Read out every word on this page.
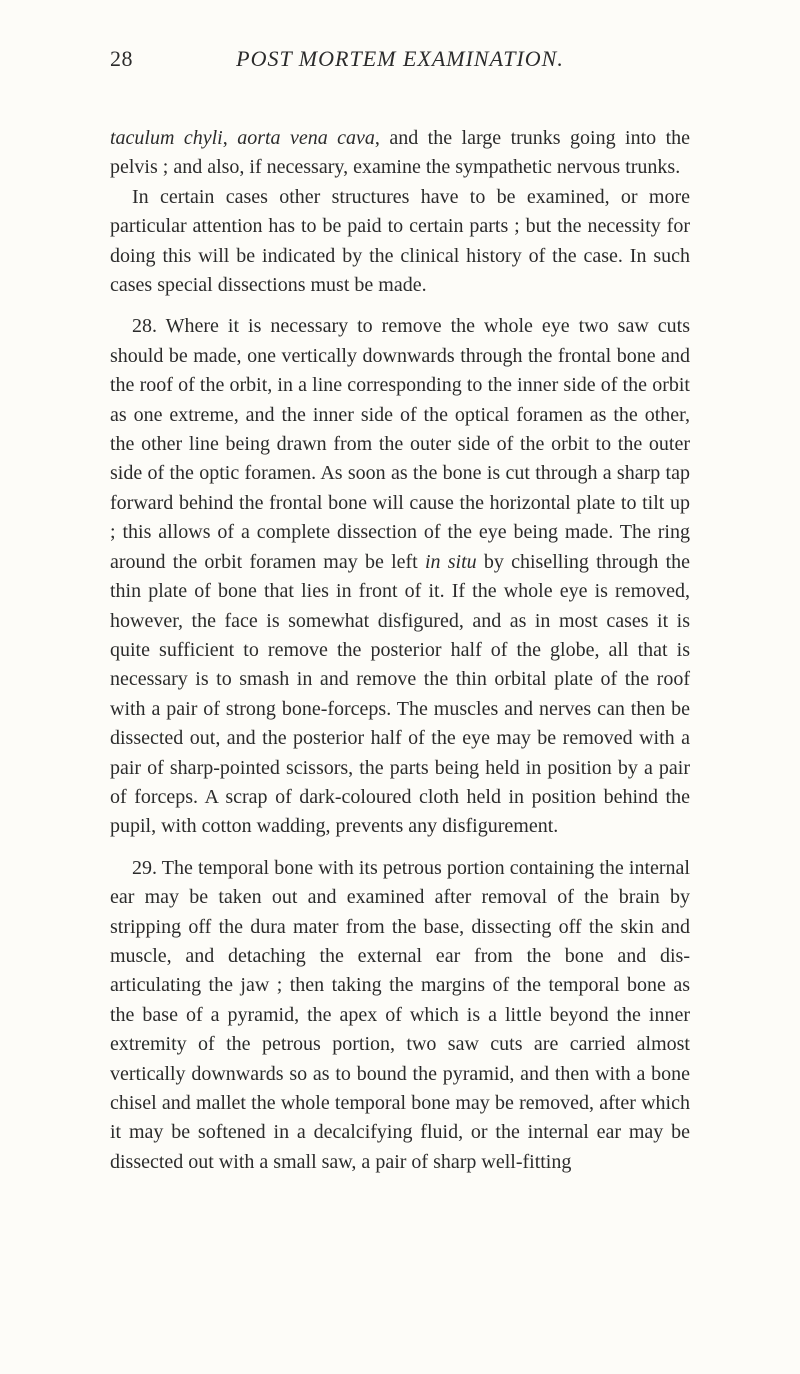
28	POST MORTEM EXAMINATION.

taculum chyli, aorta vena cava, and the large trunks going into the pelvis ; and also, if necessary, examine the sympathetic nervous trunks.

In certain cases other structures have to be examined, or more particular attention has to be paid to certain parts ; but the necessity for doing this will be indicated by the clinical history of the case. In such cases special dissections must be made.

28. Where it is necessary to remove the whole eye two saw cuts should be made, one vertically downwards through the frontal bone and the roof of the orbit, in a line corresponding to the inner side of the orbit as one extreme, and the inner side of the optical foramen as the other, the other line being drawn from the outer side of the orbit to the outer side of the optic foramen. As soon as the bone is cut through a sharp tap forward behind the frontal bone will cause the horizontal plate to tilt up ; this allows of a complete dissection of the eye being made. The ring around the orbit foramen may be left in situ by chiselling through the thin plate of bone that lies in front of it. If the whole eye is removed, however, the face is somewhat disfigured, and as in most cases it is quite sufficient to remove the posterior half of the globe, all that is necessary is to smash in and remove the thin orbital plate of the roof with a pair of strong bone-forceps. The muscles and nerves can then be dissected out, and the posterior half of the eye may be removed with a pair of sharp-pointed scissors, the parts being held in position by a pair of forceps. A scrap of dark-coloured cloth held in position behind the pupil, with cotton wadding, prevents any disfigurement.

29. The temporal bone with its petrous portion containing the internal ear may be taken out and examined after removal of the brain by stripping off the dura mater from the base, dissecting off the skin and muscle, and detaching the external ear from the bone and dis-articulating the jaw ; then taking the margins of the temporal bone as the base of a pyramid, the apex of which is a little beyond the inner extremity of the petrous portion, two saw cuts are carried almost vertically downwards so as to bound the pyramid, and then with a bone chisel and mallet the whole temporal bone may be removed, after which it may be softened in a decalcifying fluid, or the internal ear may be dissected out with a small saw, a pair of sharp well-fitting
